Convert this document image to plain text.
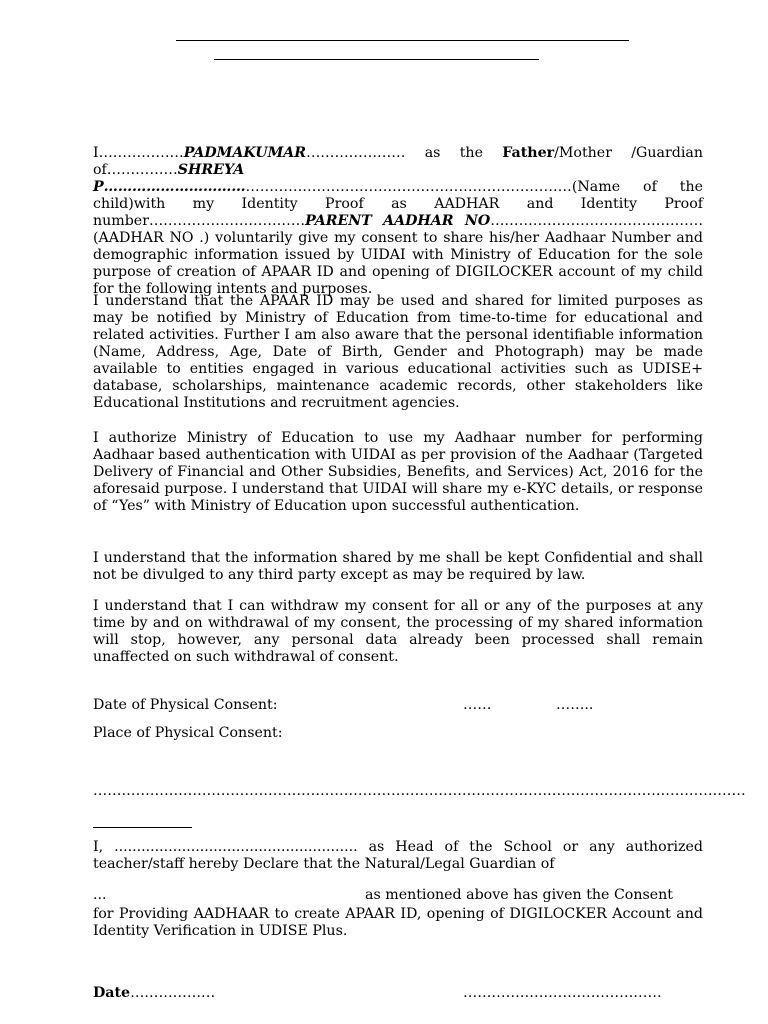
I………………PADMAKUMAR………………… as the Father/Mother /Guardian of……………SHREYA P………………………………………………………………………………………(Name of the child)with my Identity Proof as AADHAR and Identity Proof number……………………………PARENT AADHAR NO……………………………………… (AADHAR NO .) voluntarily give my consent to share his/her Aadhaar Number and demographic information issued by UIDAI with Ministry of Education for the sole purpose of creation of APAAR ID and opening of DIGILOCKER account of my child for the following intents and purposes.
I understand that the APAAR ID may be used and shared for limited purposes as may be notified by Ministry of Education from time-to-time for educational and related activities. Further I am also aware that the personal identifiable information (Name, Address, Age, Date of Birth, Gender and Photograph) may be made available to entities engaged in various educational activities such as UDISE+ database, scholarships, maintenance academic records, other stakeholders like Educational Institutions and recruitment agencies.
I authorize Ministry of Education to use my Aadhaar number for performing Aadhaar based authentication with UIDAI as per provision of the Aadhaar (Targeted Delivery of Financial and Other Subsidies, Benefits, and Services) Act, 2016 for the aforesaid purpose. I understand that UIDAI will share my e-KYC details, or response of “Yes” with Ministry of Education upon successful authentication.
I understand that the information shared by me shall be kept Confidential and shall not be divulged to any third party except as may be required by law.
I understand that I can withdraw my consent for all or any of the purposes at any time by and on withdrawal of my consent, the processing of my shared information will stop, however, any personal data already been processed shall remain unaffected on such withdrawal of consent.
Date of Physical Consent:	……	……..
Place of Physical Consent:
…………………………………………………………………………………………………………………………
I, ...................................................... as Head of the School or any authorized teacher/staff hereby Declare that the Natural/Legal Guardian of
...	as mentioned above has given the Consent
for Providing AADHAAR to create APAAR ID, opening of DIGILOCKER Account and Identity Verification in UDISE Plus.
Date………………	……………………………………
